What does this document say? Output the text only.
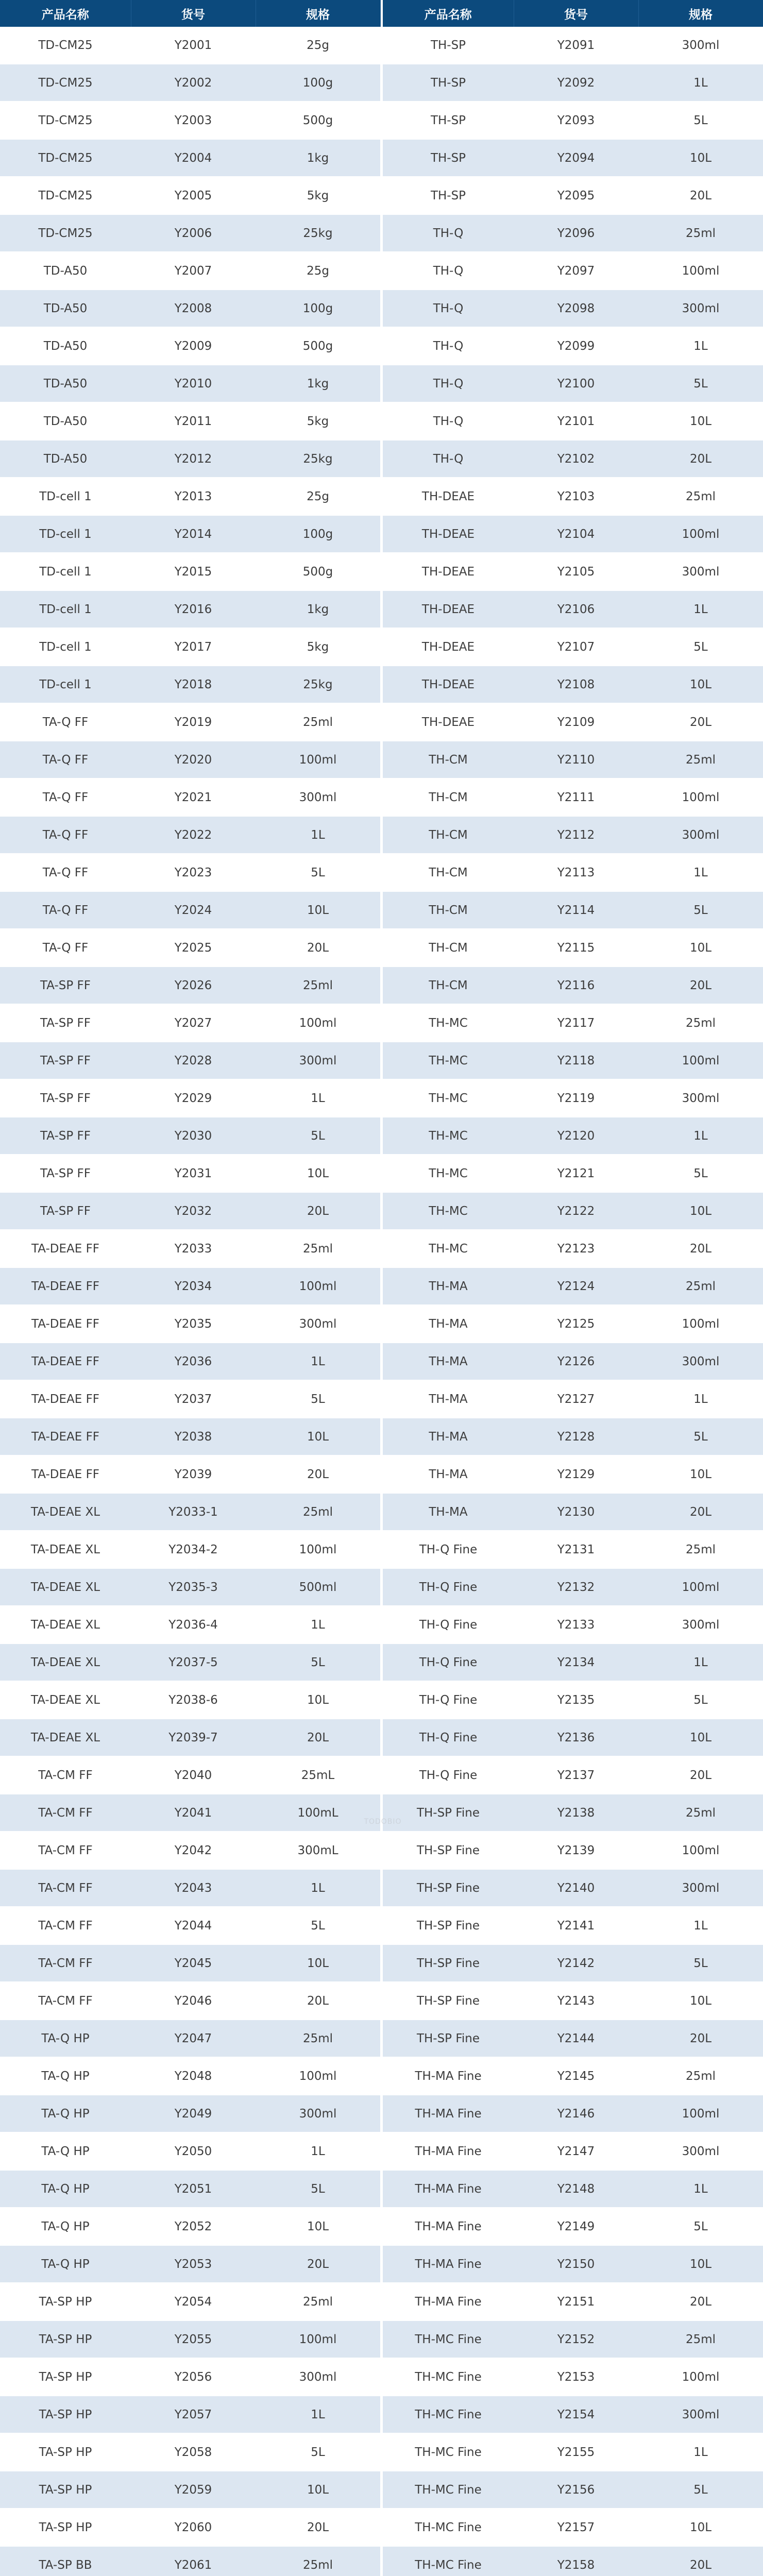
产品名称	货号	规格
TD-CM25	Y2001	25g
TD-CM25	Y2002	100g
TD-CM25	Y2003	500g
TD-CM25	Y2004	1kg
TD-CM25	Y2005	5kg
TD-CM25	Y2006	25kg
TD-A50	Y2007	25g
TD-A50	Y2008	100g
TD-A50	Y2009	500g
TD-A50	Y2010	1kg
TD-A50	Y2011	5kg
TD-A50	Y2012	25kg
TD-cell 1	Y2013	25g
TD-cell 1	Y2014	100g
TD-cell 1	Y2015	500g
TD-cell 1	Y2016	1kg
TD-cell 1	Y2017	5kg
TD-cell 1	Y2018	25kg
TA-Q FF	Y2019	25ml
TA-Q FF	Y2020	100ml
TA-Q FF	Y2021	300ml
TA-Q FF	Y2022	1L
TA-Q FF	Y2023	5L
TA-Q FF	Y2024	10L
TA-Q FF	Y2025	20L
TA-SP FF	Y2026	25ml
TA-SP FF	Y2027	100ml
TA-SP FF	Y2028	300ml
TA-SP FF	Y2029	1L
TA-SP FF	Y2030	5L
TA-SP FF	Y2031	10L
TA-SP FF	Y2032	20L
TA-DEAE FF	Y2033	25ml
TA-DEAE FF	Y2034	100ml
TA-DEAE FF	Y2035	300ml
TA-DEAE FF	Y2036	1L
TA-DEAE FF	Y2037	5L
TA-DEAE FF	Y2038	10L
TA-DEAE FF	Y2039	20L
TA-DEAE XL	Y2033-1	25ml
TA-DEAE XL	Y2034-2	100ml
TA-DEAE XL	Y2035-3	500ml
TA-DEAE XL	Y2036-4	1L
TA-DEAE XL	Y2037-5	5L
TA-DEAE XL	Y2038-6	10L
TA-DEAE XL	Y2039-7	20L
TA-CM FF	Y2040	25mL
TA-CM FF	Y2041	100mL
TA-CM FF	Y2042	300mL
TA-CM FF	Y2043	1L
TA-CM FF	Y2044	5L
TA-CM FF	Y2045	10L
TA-CM FF	Y2046	20L
TA-Q HP	Y2047	25ml
TA-Q HP	Y2048	100ml
TA-Q HP	Y2049	300ml
TA-Q HP	Y2050	1L
TA-Q HP	Y2051	5L
TA-Q HP	Y2052	10L
TA-Q HP	Y2053	20L
TA-SP HP	Y2054	25ml
TA-SP HP	Y2055	100ml
TA-SP HP	Y2056	300ml
TA-SP HP	Y2057	1L
TA-SP HP	Y2058	5L
TA-SP HP	Y2059	10L
TA-SP HP	Y2060	20L
TA-SP BB	Y2061	25ml

产品名称	货号	规格
TH-SP	Y2091	300ml
TH-SP	Y2092	1L
TH-SP	Y2093	5L
TH-SP	Y2094	10L
TH-SP	Y2095	20L
TH-Q	Y2096	25ml
TH-Q	Y2097	100ml
TH-Q	Y2098	300ml
TH-Q	Y2099	1L
TH-Q	Y2100	5L
TH-Q	Y2101	10L
TH-Q	Y2102	20L
TH-DEAE	Y2103	25ml
TH-DEAE	Y2104	100ml
TH-DEAE	Y2105	300ml
TH-DEAE	Y2106	1L
TH-DEAE	Y2107	5L
TH-DEAE	Y2108	10L
TH-DEAE	Y2109	20L
TH-CM	Y2110	25ml
TH-CM	Y2111	100ml
TH-CM	Y2112	300ml
TH-CM	Y2113	1L
TH-CM	Y2114	5L
TH-CM	Y2115	10L
TH-CM	Y2116	20L
TH-MC	Y2117	25ml
TH-MC	Y2118	100ml
TH-MC	Y2119	300ml
TH-MC	Y2120	1L
TH-MC	Y2121	5L
TH-MC	Y2122	10L
TH-MC	Y2123	20L
TH-MA	Y2124	25ml
TH-MA	Y2125	100ml
TH-MA	Y2126	300ml
TH-MA	Y2127	1L
TH-MA	Y2128	5L
TH-MA	Y2129	10L
TH-MA	Y2130	20L
TH-Q Fine	Y2131	25ml
TH-Q Fine	Y2132	100ml
TH-Q Fine	Y2133	300ml
TH-Q Fine	Y2134	1L
TH-Q Fine	Y2135	5L
TH-Q Fine	Y2136	10L
TH-Q Fine	Y2137	20L
TH-SP Fine	Y2138	25ml
TH-SP Fine	Y2139	100ml
TH-SP Fine	Y2140	300ml
TH-SP Fine	Y2141	1L
TH-SP Fine	Y2142	5L
TH-SP Fine	Y2143	10L
TH-SP Fine	Y2144	20L
TH-MA Fine	Y2145	25ml
TH-MA Fine	Y2146	100ml
TH-MA Fine	Y2147	300ml
TH-MA Fine	Y2148	1L
TH-MA Fine	Y2149	5L
TH-MA Fine	Y2150	10L
TH-MA Fine	Y2151	20L
TH-MC Fine	Y2152	25ml
TH-MC Fine	Y2153	100ml
TH-MC Fine	Y2154	300ml
TH-MC Fine	Y2155	1L
TH-MC Fine	Y2156	5L
TH-MC Fine	Y2157	10L
TH-MC Fine	Y2158	20L

TODOBIO
